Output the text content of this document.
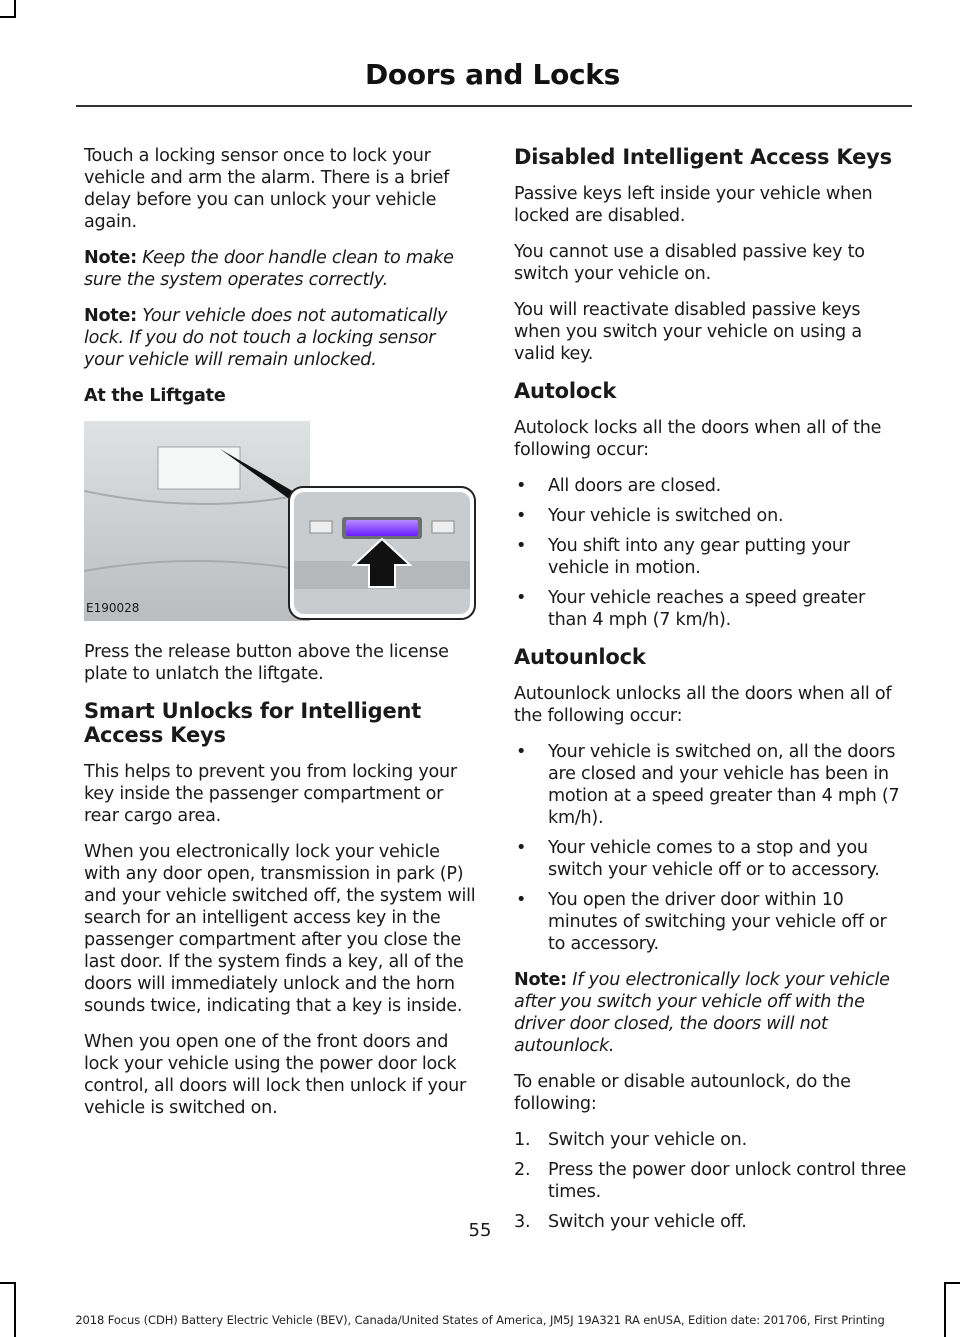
Doors and Locks

Touch a locking sensor once to lock your vehicle and arm the alarm. There is a brief delay before you can unlock your vehicle again.

Note: Keep the door handle clean to make sure the system operates correctly.

Note: Your vehicle does not automatically lock. If you do not touch a locking sensor your vehicle will remain unlocked.

At the Liftgate
E190028

Press the release button above the license plate to unlatch the liftgate.

Smart Unlocks for Intelligent Access Keys

This helps to prevent you from locking your key inside the passenger compartment or rear cargo area.

When you electronically lock your vehicle with any door open, transmission in park (P) and your vehicle switched off, the system will search for an intelligent access key in the passenger compartment after you close the last door. If the system finds a key, all of the doors will immediately unlock and the horn sounds twice, indicating that a key is inside.

When you open one of the front doors and lock your vehicle using the power door lock control, all doors will lock then unlock if your vehicle is switched on.

Disabled Intelligent Access Keys

Passive keys left inside your vehicle when locked are disabled.

You cannot use a disabled passive key to switch your vehicle on.

You will reactivate disabled passive keys when you switch your vehicle on using a valid key.

Autolock

Autolock locks all the doors when all of the following occur:

•	All doors are closed.
•	Your vehicle is switched on.
•	You shift into any gear putting your vehicle in motion.
•	Your vehicle reaches a speed greater than 4 mph (7 km/h).
Autounlock

Autounlock unlocks all the doors when all of the following occur:

•	Your vehicle is switched on, all the doors are closed and your vehicle has been in motion at a speed greater than 4 mph (7 km/h).
•	Your vehicle comes to a stop and you switch your vehicle off or to accessory.
•	You open the driver door within 10 minutes of switching your vehicle off or to accessory.

Note: If you electronically lock your vehicle after you switch your vehicle off with the driver door closed, the doors will not autounlock.

To enable or disable autounlock, do the following:

1.	Switch your vehicle on.
2.	Press the power door unlock control three times.
3.	Switch your vehicle off.
55
2018 Focus (CDH) Battery Electric Vehicle (BEV), Canada/United States of America, JM5J 19A321 RA enUSA, Edition date: 201706, First Printing
